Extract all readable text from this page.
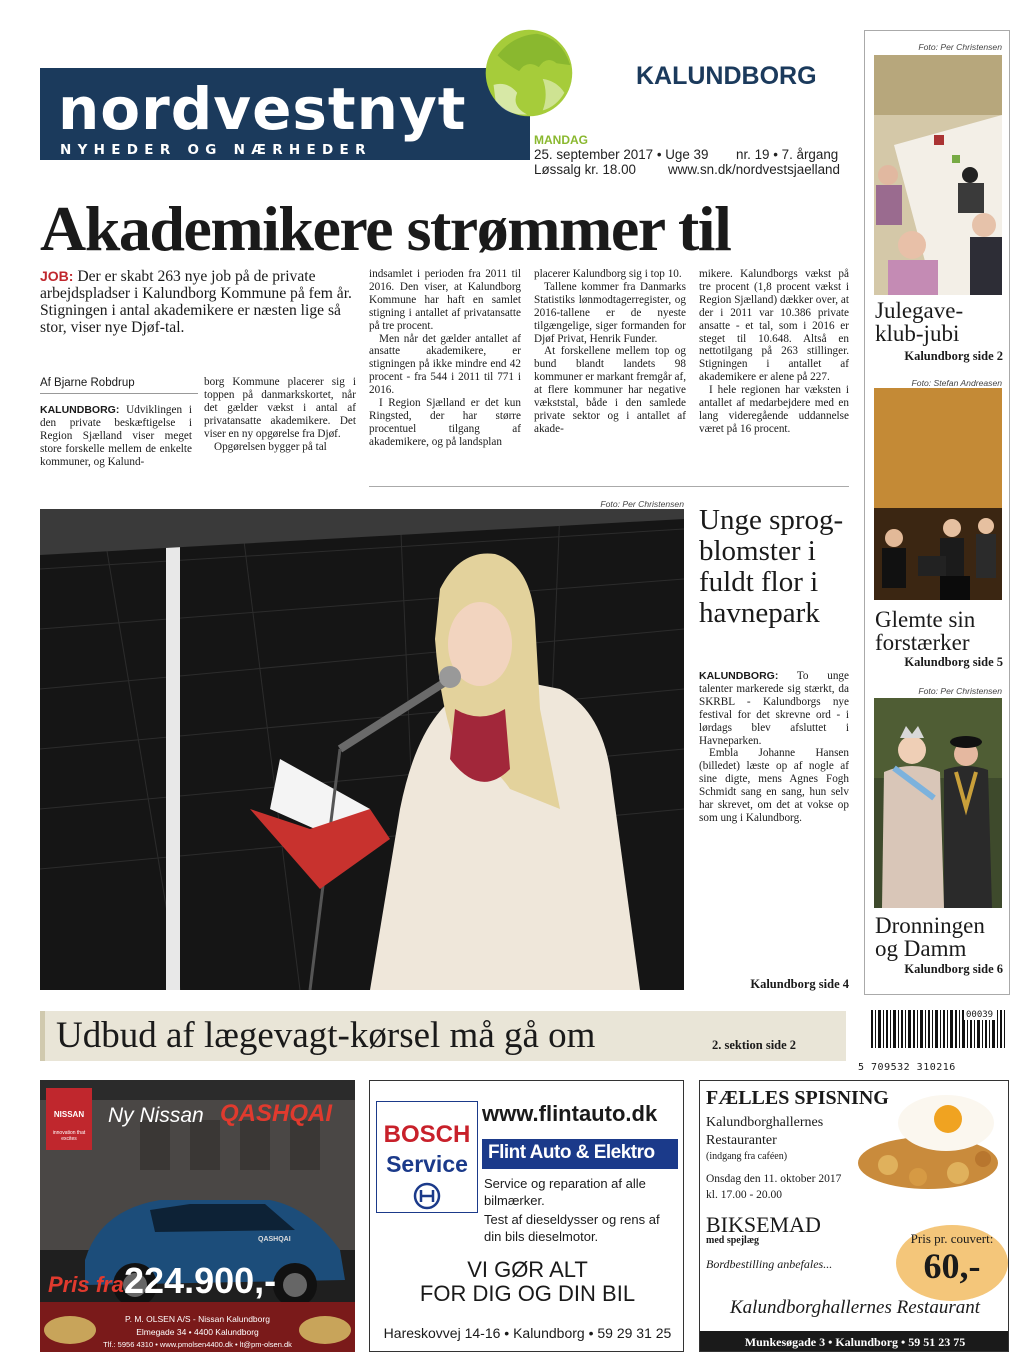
nordvestnyt
NYHEDER OG NÆRHEDER
KALUNDBORG
MANDAG
25. september 2017 • Uge 39 nr. 19 • 7. årgang
Løssalg kr. 18.00 www.sn.dk/nordvestsjaelland
Akademikere strømmer til
JOB: Der er skabt 263 nye job på de private arbejdspladser i Kalundborg Kommune på fem år. Stigningen i antal akademikere er næsten lige så stor, viser nye Djøf-tal.
Af Bjarne Robdrup

KALUNDBORG: Udviklingen i den private beskæftigelse i Region Sjælland viser meget store forskelle mellem de enkelte kommuner, og Kalund-

borg Kommune placerer sig i toppen på danmarkskortet, når det gælder vækst i antal af privatansatte akademikere. Det viser en ny opgørelse fra Djøf.

Opgørelsen bygger på tal

indsamlet i perioden fra 2011 til 2016. Den viser, at Kalundborg Kommune har haft en samlet stigning i antallet af privatansatte på tre procent.

Men når det gælder antallet af ansatte akademikere, er stigningen på ikke mindre end 42 procent - fra 544 i 2011 til 771 i 2016.

I Region Sjælland er det kun Ringsted, der har større procentuel tilgang af akademikere, og på landsplan

placerer Kalundborg sig i top 10.

Tallene kommer fra Danmarks Statistiks lønmodtagerregister, og 2016-tallene er de nyeste tilgængelige, siger formanden for Djøf Privat, Henrik Funder.

At forskellene mellem top og bund blandt landets 98 kommuner er markant fremgår af, at flere kommuner har negative vækststal, både i den samlede private sektor og i antallet af akade-

mikere. Kalundborgs vækst på tre procent (1,8 procent vækst i Region Sjælland) dækker over, at der i 2011 var 10.386 private ansatte - et tal, som i 2016 er steget til 10.648. Altså en nettotilgang på 263 stillinger. Stigningen i antallet af akademikere er alene på 227.

I hele regionen har væksten i antallet af medarbejdere med en lang videregående uddannelse været på 16 procent.

Foto: Per Christensen Unge sprog-blomster i fuldt flor i havnepark

KALUNDBORG: To unge talenter markerede sig stærkt, da SKRBL - Kalundborgs nye festival for det skrevne ord - i lørdags blev afsluttet i Havneparken.

Embla Johanne Hansen (billedet) læste op af nogle af sine digte, mens Agnes Fogh Schmidt sang en sang, hun selv har skrevet, om det at vokse op som ung i Kalundborg.

Kalundborg side 4
Foto: Per Christensen
Julegave-klub-jubi
Kalundborg side 2
Foto: Stefan Andreasen
Glemte sin forstærker
Kalundborg side 5
Foto: Per Christensen
Dronningen og Damm
Kalundborg side 6
Udbud af lægevagt-kørsel må gå om	2. sektion side 2
00039
5 709532 310216
NISSAN
innovation that excites
Ny Nissan QASHQAI
QASHQAI
Pris fra 224.900,-
P. M. OLSEN A/S - Nissan Kalundborg
Elmegade 34 • 4400 Kalundborg
Tlf.: 5956 4310 • www.pmolsen4400.dk • lt@pm-olsen.dk
BOSCH
Service
www.flintauto.dk
Flint Auto & Elektro
Service og reparation af alle bilmærker.
Test af dieseldysser og rens af din bils dieselmotor.
VI GØR ALT
FOR DIG OG DIN BIL
Hareskovvej 14-16 • Kalundborg • 59 29 31 25
FÆLLES SPISNING
Kalundborghallernes
Restauranter
(indgang fra caféen)
Onsdag den 11. oktober 2017
kl. 17.00 - 20.00
BIKSEMAD
med spejlæg
Bordbestilling anbefales...
Pris pr. couvert:
60,-
Kalundborghallernes Restaurant
Munkesøgade 3 • Kalundborg • 59 51 23 75
